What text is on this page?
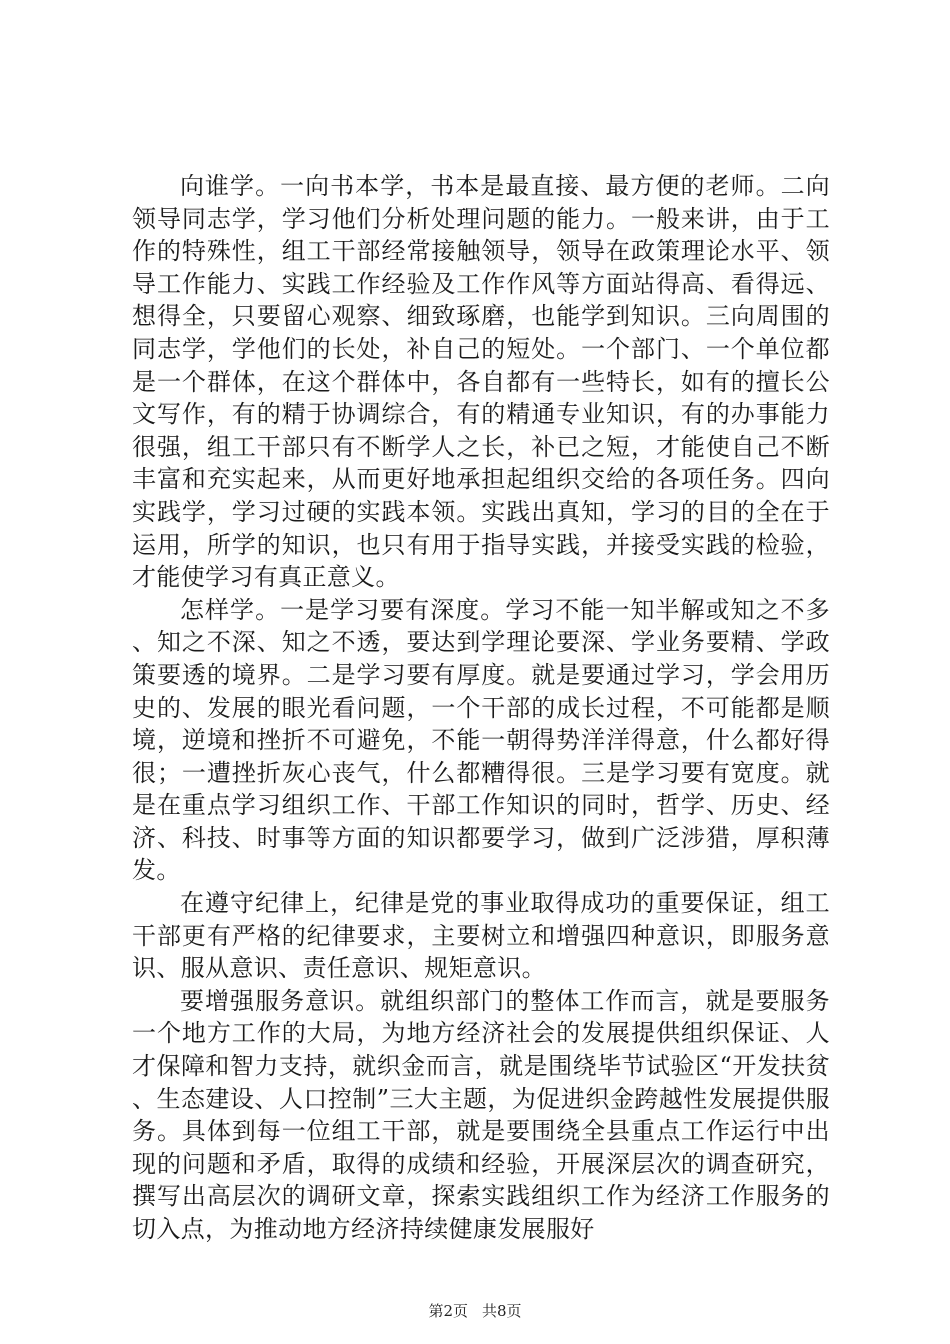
向谁学。一向书本学，书本是最直接、最方便的老师。二向领导同志学，学习他们分析处理问题的能力。一般来讲，由于工作的特殊性，组工干部经常接触领导，领导在政策理论水平、领导工作能力、实践工作经验及工作作风等方面站得高、看得远、想得全，只要留心观察、细致琢磨，也能学到知识。三向周围的同志学，学他们的长处，补自己的短处。一个部门、一个单位都是一个群体，在这个群体中，各自都有一些特长，如有的擅长公文写作，有的精于协调综合，有的精通专业知识，有的办事能力很强，组工干部只有不断学人之长，补已之短，才能使自己不断丰富和充实起来，从而更好地承担起组织交给的各项任务。四向实践学，学习过硬的实践本领。实践出真知，学习的目的全在于运用，所学的知识，也只有用于指导实践，并接受实践的检验，才能使学习有真正意义。

怎样学。一是学习要有深度。学习不能一知半解或知之不多、知之不深、知之不透，要达到学理论要深、学业务要精、学政策要透的境界。二是学习要有厚度。就是要通过学习，学会用历史的、发展的眼光看问题，一个干部的成长过程，不可能都是顺境，逆境和挫折不可避免，不能一朝得势洋洋得意，什么都好得很；一遭挫折灰心丧气，什么都糟得很。三是学习要有宽度。就是在重点学习组织工作、干部工作知识的同时，哲学、历史、经济、科技、时事等方面的知识都要学习，做到广泛涉猎，厚积薄发。

在遵守纪律上，纪律是党的事业取得成功的重要保证，组工干部更有严格的纪律要求，主要树立和增强四种意识，即服务意识、服从意识、责任意识、规矩意识。

要增强服务意识。就组织部门的整体工作而言，就是要服务一个地方工作的大局，为地方经济社会的发展提供组织保证、人才保障和智力支持，就织金而言，就是围绕毕节试验区“开发扶贫、生态建设、人口控制”三大主题，为促进织金跨越性发展提供服务。具体到每一位组工干部，就是要围绕全县重点工作运行中出现的问题和矛盾，取得的成绩和经验，开展深层次的调查研究，撰写出高层次的调研文章，探索实践组织工作为经济工作服务的切入点，为推动地方经济持续健康发展服好

第2页 共8页
